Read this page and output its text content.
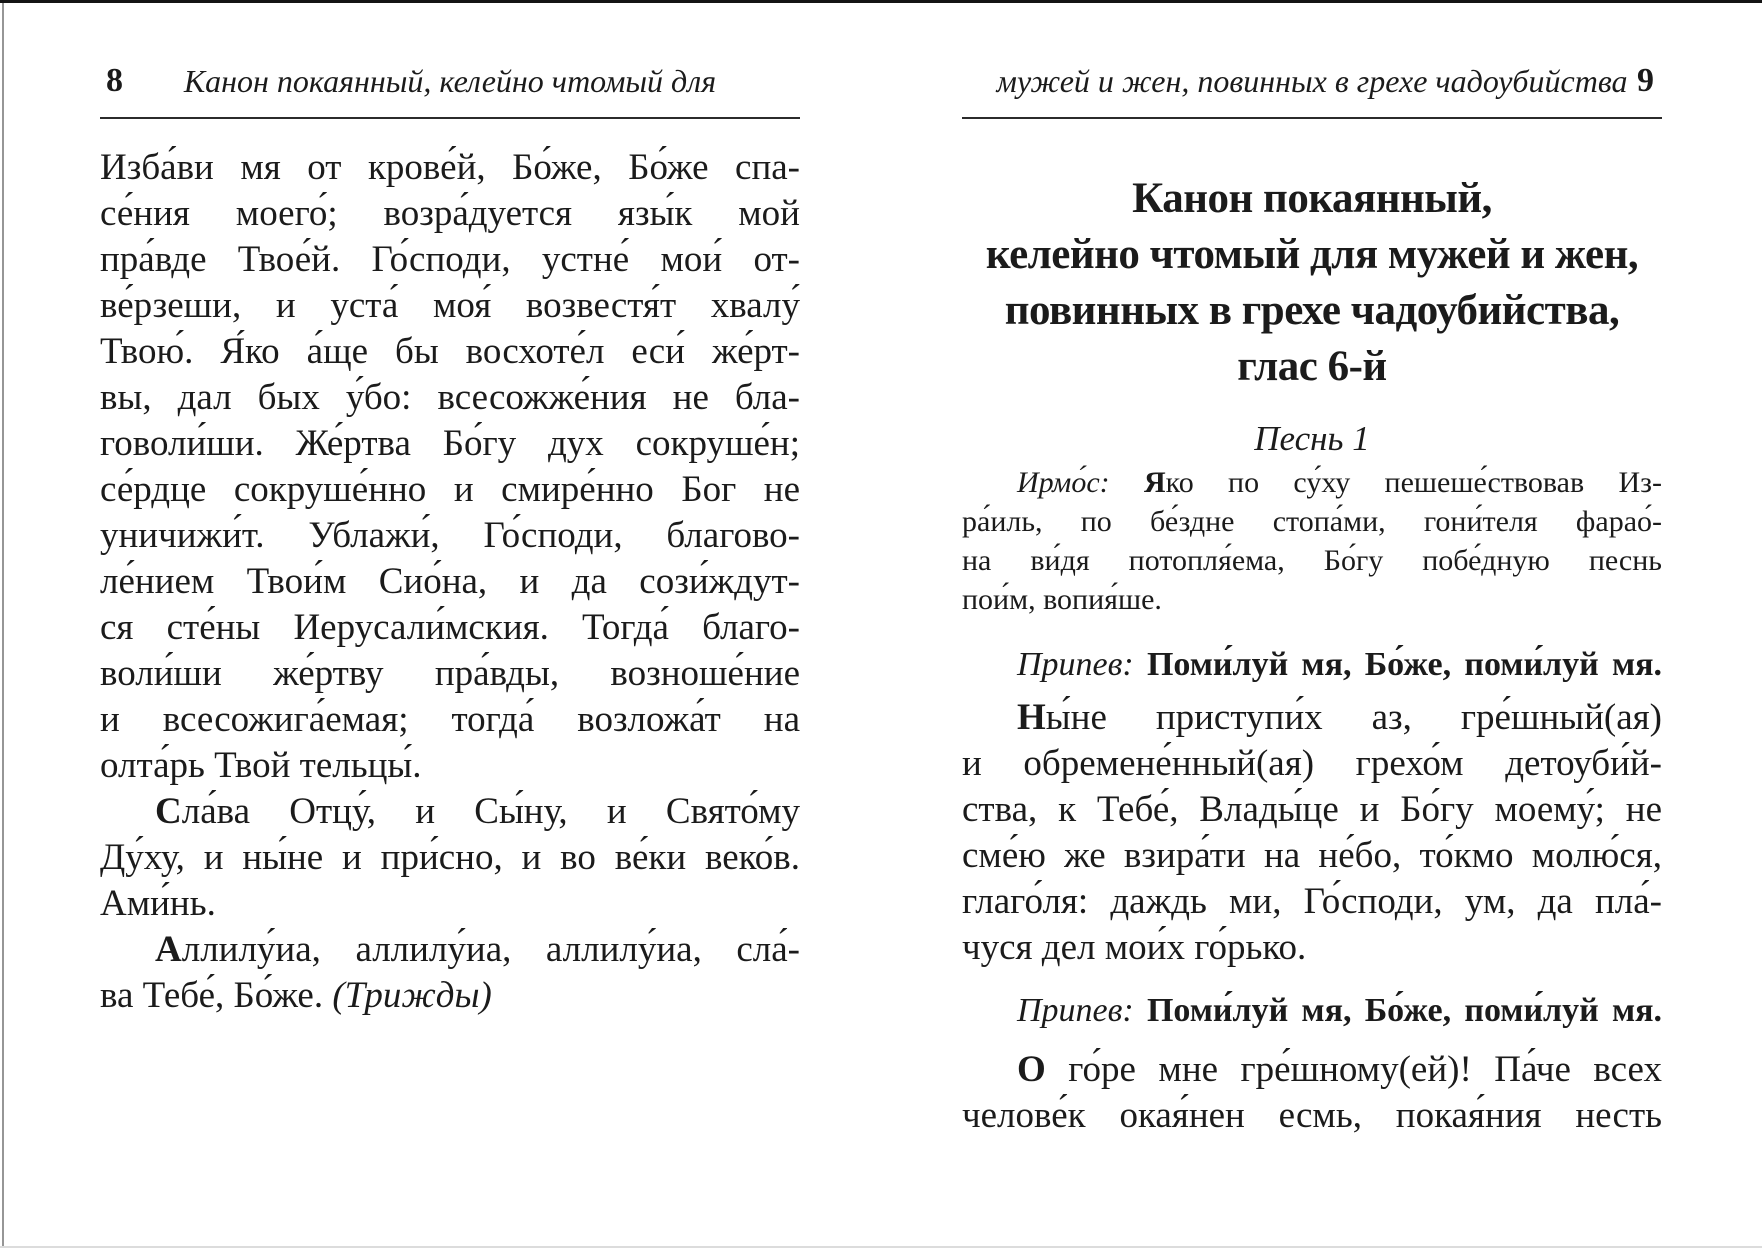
8 Канон покаянный, келейно чтомый для
Изба́ви мя от крове́й, Бо́же, Бо́же спа-
се́ния моего́; возра́дуется язы́к мой
пра́вде Твое́й. Го́споди, устне́ мои́ от-
ве́рзеши, и уста́ моя́ возвестя́т хвалу́
Твою́. Я́ко а́ще бы восхоте́л еси́ же́рт-
вы, дал бых у́бо: всесожже́ния не бла-
говоли́ши. Же́ртва Бо́гу дух сокруше́н;
се́рдце сокруше́нно и смире́нно Бог не
уничижи́т. Ублажи́, Го́споди, благово-
ле́нием Твои́м Сио́на, и да сози́ждут-
ся сте́ны Иерусали́мския. Тогда́ благо-
воли́ши же́ртву пра́вды, возноше́ние
и всесожига́емая; тогда́ возложа́т на
олта́рь Твой тельцы́.
Сла́ва Отцу́, и Сы́ну, и Свято́му
Ду́ху, и ны́не и при́сно, и во ве́ки веко́в.
Ами́нь.
Аллилу́иа, аллилу́иа, аллилу́иа, сла́-
ва Тебе́, Бо́же. (Трижды)
мужей и жен, повинных в грехе чадоубийства 9
Канон покаянный,
келейно чтомый для мужей и жен,
повинных в грехе чадоубийства,
глас 6-й
Песнь 1
Ирмо́с: Яко по су́ху пешеше́ствовав Из-
ра́иль, по бе́здне стопа́ми, гони́теля фарао́-
на ви́дя потопля́ема, Бо́гу побе́дную песнь
пои́м, вопия́ше.
Припев: Поми́луй мя, Бо́же, поми́луй мя.
Ны́не приступи́х аз, гре́шный(ая)
и обремене́нный(ая) грехо́м детоуби́й-
ства, к Тебе́, Влады́це и Бо́гу моему́; не
сме́ю же взира́ти на не́бо, то́кмо молю́ся,
глаго́ля: даждь ми, Го́споди, ум, да пла́-
чуся дел мои́х го́рько.
Припев: Поми́луй мя, Бо́же, поми́луй мя.
О го́ре мне гре́шному(ей)! Па́че всех
челове́к окая́нен есмь, покая́ния несть
